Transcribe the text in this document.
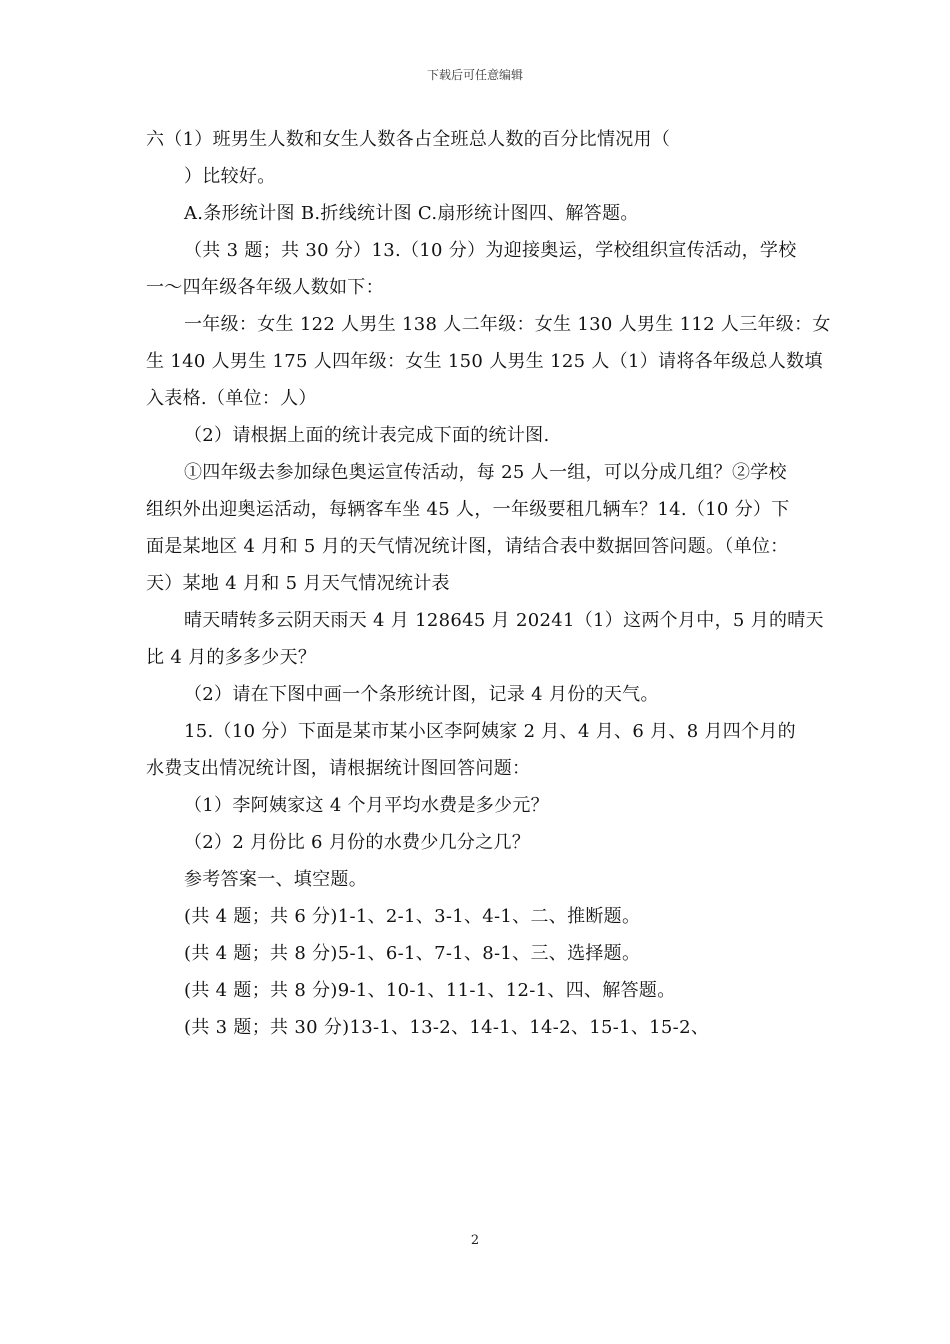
下载后可任意编辑
六（1）班男生人数和女生人数各占全班总人数的百分比情况用（
）比较好。
A.条形统计图 B.折线统计图 C.扇形统计图四、解答题。
（共 3 题；共 30 分）13.（10 分）为迎接奥运，学校组织宣传活动，学校
一～四年级各年级人数如下：
一年级：女生 122 人男生 138 人二年级：女生 130 人男生 112 人三年级：女
生 140 人男生 175 人四年级：女生 150 人男生 125 人（1）请将各年级总人数填
入表格.（单位：人）
（2）请根据上面的统计表完成下面的统计图.
①四年级去参加绿色奥运宣传活动，每 25 人一组，可以分成几组？②学校
组织外出迎奥运活动，每辆客车坐 45 人，一年级要租几辆车？14.（10 分）下
面是某地区 4 月和 5 月的天气情况统计图，请结合表中数据回答问题。（单位：
天）某地 4 月和 5 月天气情况统计表
晴天晴转多云阴天雨天 4 月 128645 月 20241（1）这两个月中，5 月的晴天
比 4 月的多多少天？
（2）请在下图中画一个条形统计图，记录 4 月份的天气。
15.（10 分）下面是某市某小区李阿姨家 2 月、4 月、6 月、8 月四个月的
水费支出情况统计图，请根据统计图回答问题：
（1）李阿姨家这 4 个月平均水费是多少元？
（2）2 月份比 6 月份的水费少几分之几？
参考答案一、填空题。
(共 4 题；共 6 分)1-1、2-1、3-1、4-1、二、推断题。
(共 4 题；共 8 分)5-1、6-1、7-1、8-1、三、选择题。
(共 4 题；共 8 分)9-1、10-1、11-1、12-1、四、解答题。
(共 3 题；共 30 分)13-1、13-2、14-1、14-2、15-1、15-2、
2
